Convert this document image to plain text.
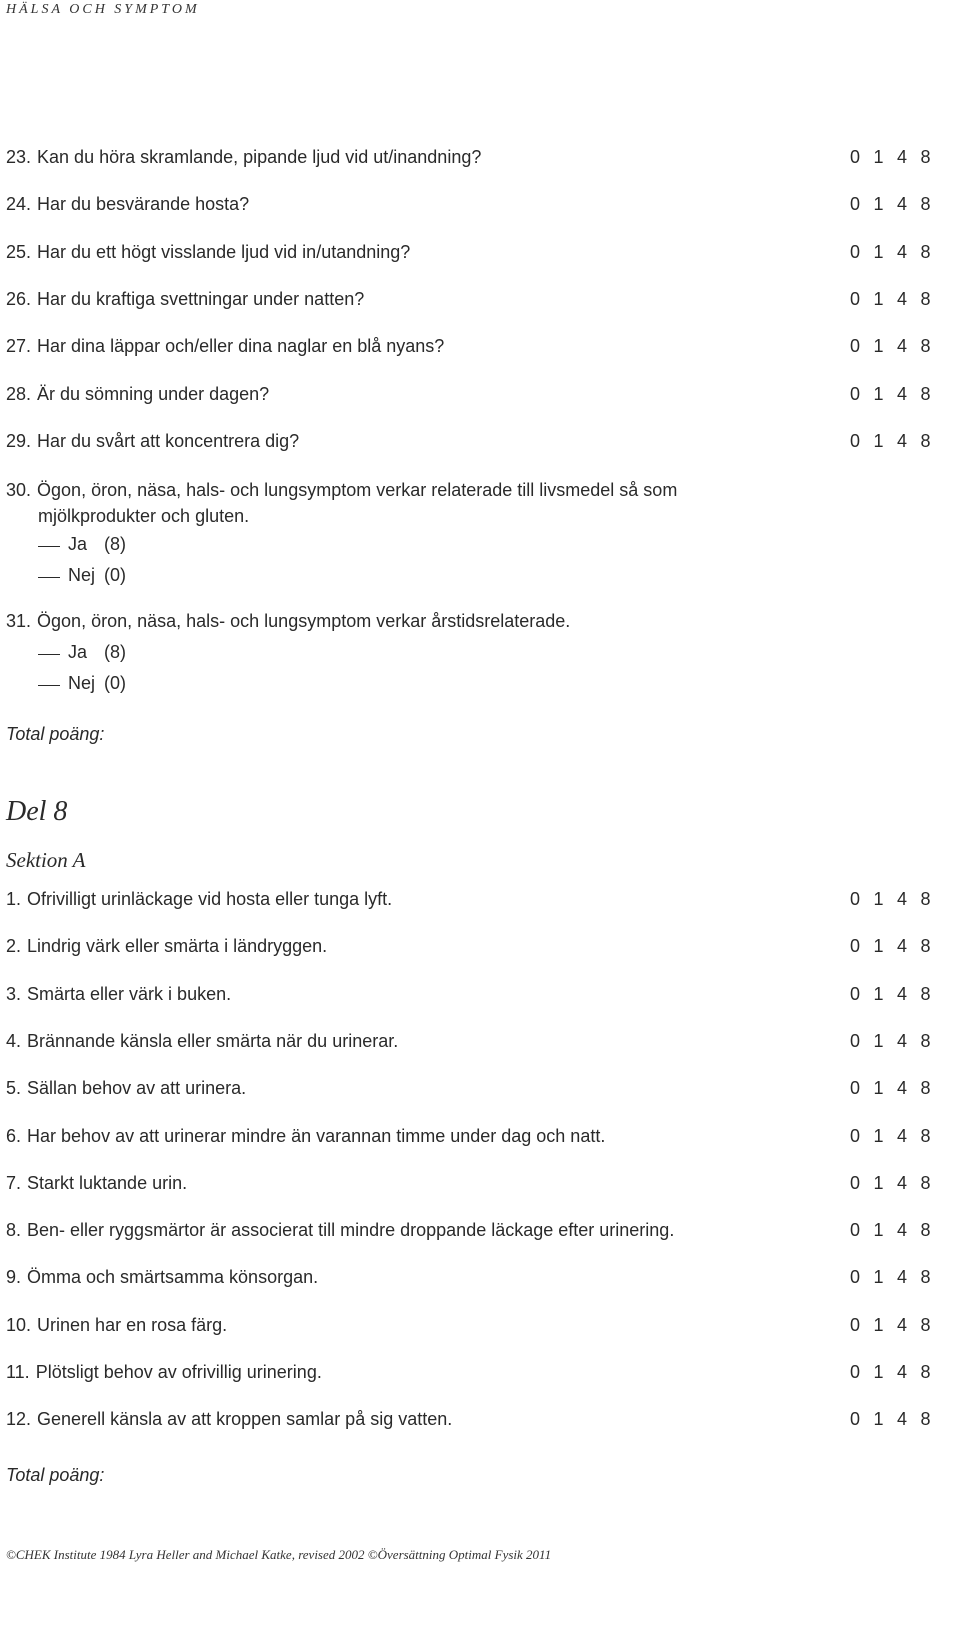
HÄLSA OCH SYMPTOM
23. Kan du höra skramlande, pipande ljud vid ut/inandning?	0 1 4 8
24. Har du besvärande hosta?	0 1 4 8
25. Har du ett högt visslande ljud vid in/utandning?	0 1 4 8
26. Har du kraftiga svettningar under natten?	0 1 4 8
27. Har dina läppar och/eller dina naglar en blå nyans?	0 1 4 8
28. Är du sömning under dagen?	0 1 4 8
29. Har du svårt att koncentrera dig?	0 1 4 8
30. Ögon, öron, näsa, hals- och lungsymptom verkar relaterade till livsmedel så som
mjölkprodukter och gluten.
Ja (8)
Nej (0)
31. Ögon, öron, näsa, hals- och lungsymptom verkar årstidsrelaterade.
Ja (8)
Nej (0)
Total poäng:
Del 8
Sektion A
1. Ofrivilligt urinläckage vid hosta eller tunga lyft.	0 1 4 8
2. Lindrig värk eller smärta i ländryggen.	0 1 4 8
3. Smärta eller värk i buken.	0 1 4 8
4. Brännande känsla eller smärta när du urinerar.	0 1 4 8
5. Sällan behov av att urinera.	0 1 4 8
6. Har behov av att urinerar mindre än varannan timme under dag och natt.	0 1 4 8
7. Starkt luktande urin.	0 1 4 8
8. Ben- eller ryggsmärtor är associerat till mindre droppande läckage efter urinering.	0 1 4 8
9. Ömma och smärtsamma könsorgan.	0 1 4 8
10. Urinen har en rosa färg.	0 1 4 8
11. Plötsligt behov av ofrivillig urinering.	0 1 4 8
12. Generell känsla av att kroppen samlar på sig vatten.	0 1 4 8
Total poäng:
©CHEK Institute 1984 Lyra Heller and Michael Katke, revised 2002 ©Översättning Optimal Fysik 2011
